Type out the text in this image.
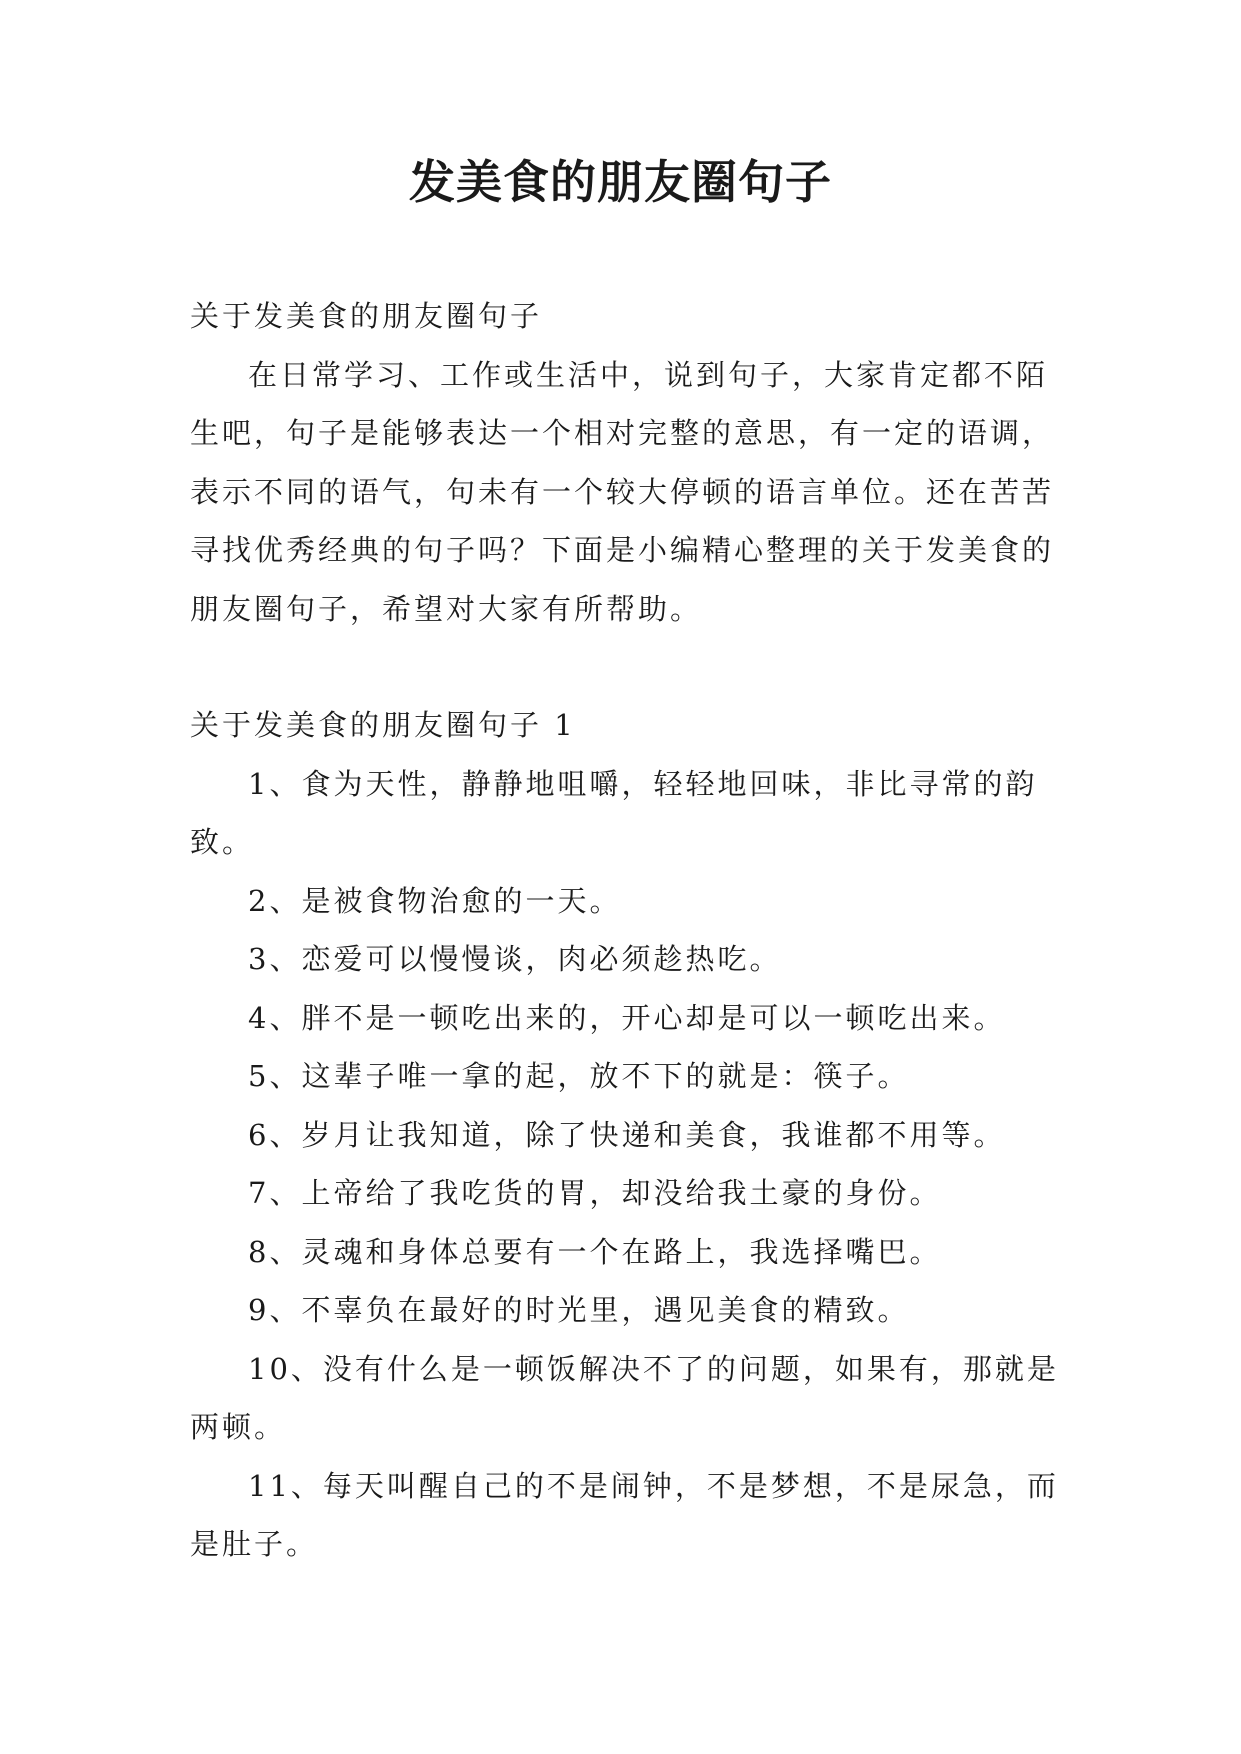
发美食的朋友圈句子

关于发美食的朋友圈句子

在日常学习、工作或生活中，说到句子，大家肯定都不陌生吧，句子是能够表达一个相对完整的意思，有一定的语调，表示不同的语气，句未有一个较大停顿的语言单位。还在苦苦寻找优秀经典的句子吗？下面是小编精心整理的关于发美食的朋友圈句子，希望对大家有所帮助。

关于发美食的朋友圈句子 1

1、食为天性，静静地咀嚼，轻轻地回味，非比寻常的韵致。

2、是被食物治愈的一天。

3、恋爱可以慢慢谈，肉必须趁热吃。

4、胖不是一顿吃出来的，开心却是可以一顿吃出来。

5、这辈子唯一拿的起，放不下的就是：筷子。

6、岁月让我知道，除了快递和美食，我谁都不用等。

7、上帝给了我吃货的胃，却没给我土豪的身份。

8、灵魂和身体总要有一个在路上，我选择嘴巴。

9、不辜负在最好的时光里，遇见美食的精致。

10、没有什么是一顿饭解决不了的问题，如果有，那就是两顿。

11、每天叫醒自己的不是闹钟，不是梦想，不是尿急，而是肚子。
